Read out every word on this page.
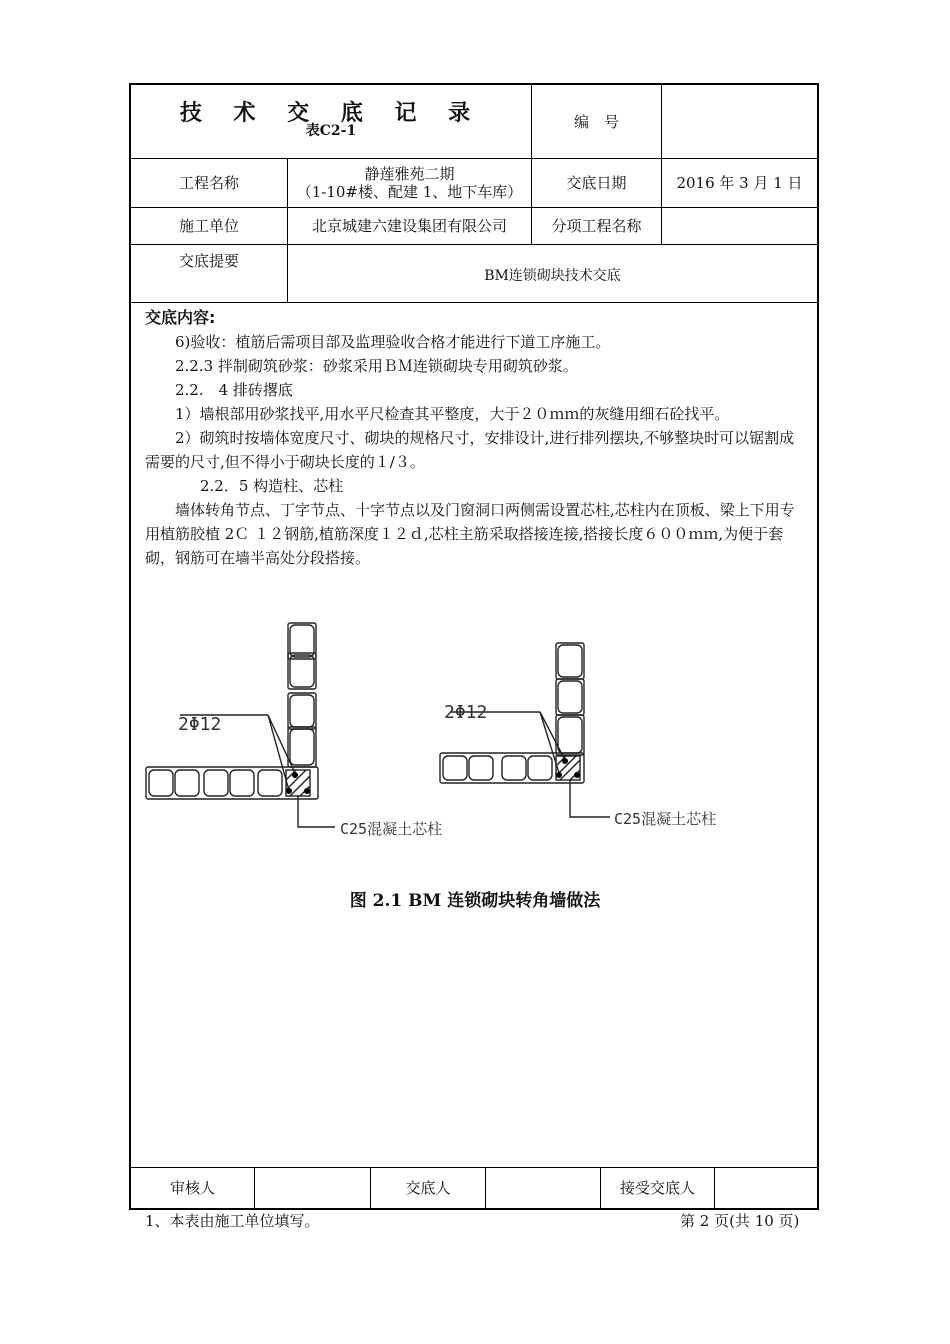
技 术 交 底 记 录
表C2-1	编　号
工程名称	静莲雅苑二期
（1-10#楼、配建 1、地下车库）	交底日期	2016 年 3 月 1 日
施工单位	北京城建六建设集团有限公司	分项工程名称
交底提要
BM连锁砌块技术交底

交底内容:

6)验收：植筋后需项目部及监理验收合格才能进行下道工序施工。

2.2.3 拌制砌筑砂浆：砂浆采用ＢＭ连锁砌块专用砌筑砂浆。

2.2.　4 排砖撂底

1）墙根部用砂浆找平,用水平尺检查其平整度，大于２０ｍｍ的灰缝用细石砼找平。

2）砌筑时按墙体宽度尺寸、砌块的规格尺寸，安排设计,进行排列摆块,不够整块时可以锯割成需要的尺寸,但不得小于砌块长度的１/３。

2.2．5 构造柱、芯柱

墙体转角节点、丁字节点、十字节点以及门窗洞口两侧需设置芯柱,芯柱内在顶板、梁上下用专用植筋胶植 2Ｃ １２钢筋,植筋深度１２ｄ,芯柱主筋采取搭接连接,搭接长度６００ｍｍ,为便于套砌，钢筋可在墙半高处分段搭接。

2Φ12
C25混凝土芯柱
2Φ12
C25混凝土芯柱
图 2.1 BM 连锁砌块转角墙做法
审核人	交底人	接受交底人
1、本表由施工单位填写。	第 2 页(共 10 页)
